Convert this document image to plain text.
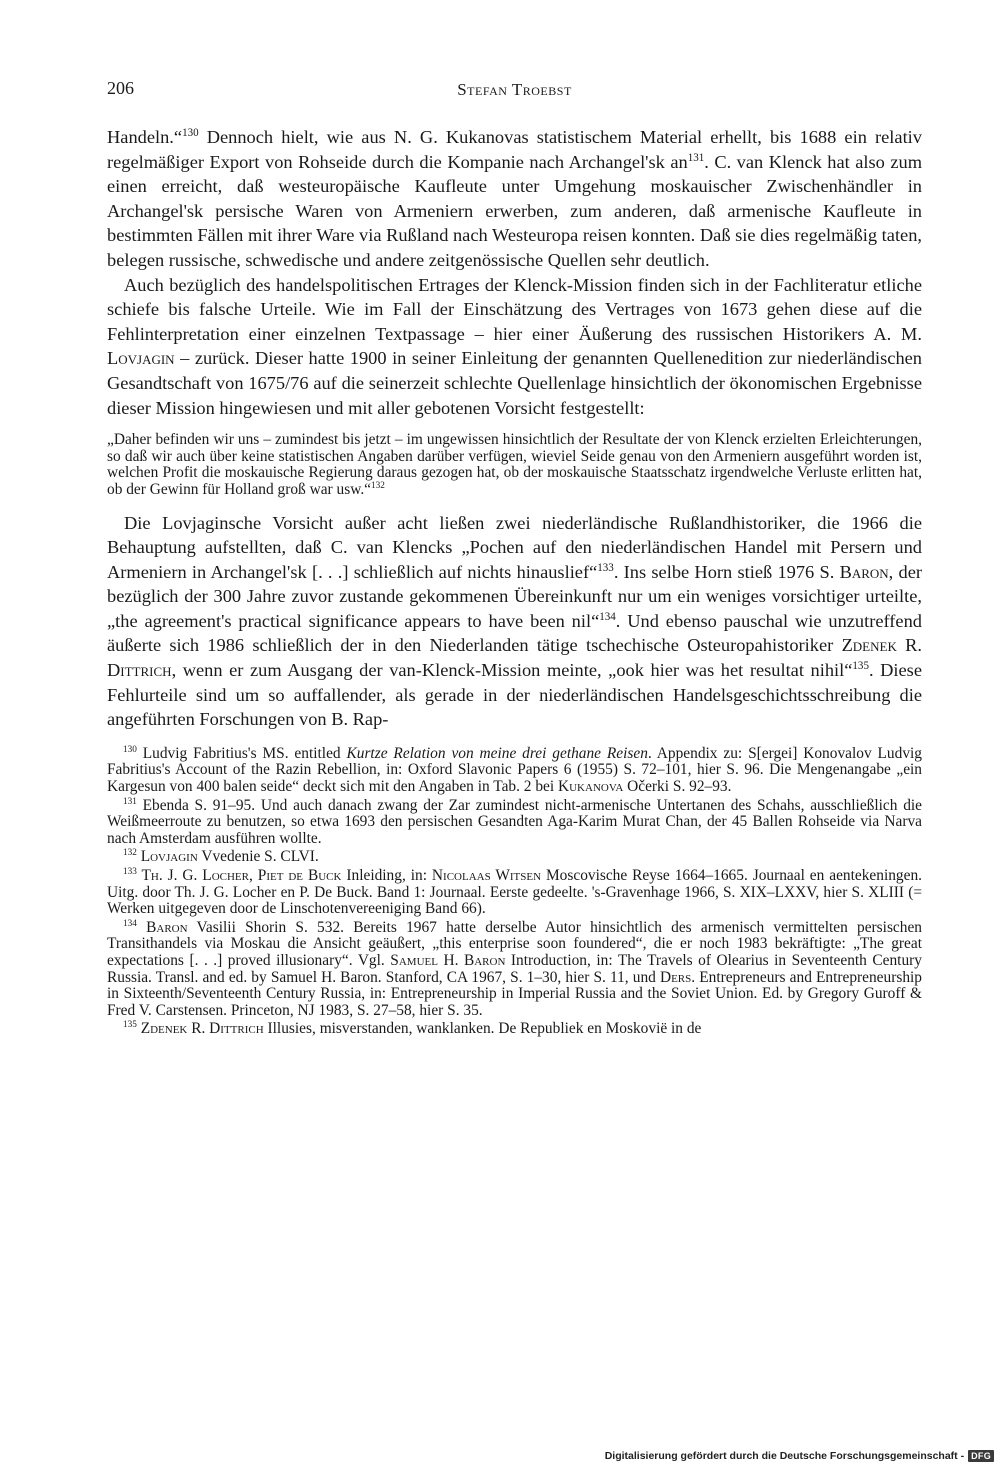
206	Stefan Troebst

Handeln.“$^{130}$ Dennoch hielt, wie aus N. G. Kukanovas statistischem Material erhellt, bis 1688 ein relativ regelmäßiger Export von Rohseide durch die Kompanie nach Archangel'sk an$^{131}$. C. van Klenck hat also zum einen erreicht, daß westeuropäische Kaufleute unter Umgehung moskauischer Zwischenhändler in Archangel'sk persische Waren von Armeniern erwerben, zum anderen, daß armenische Kaufleute in bestimmten Fällen mit ihrer Ware via Rußland nach Westeuropa reisen konnten. Daß sie dies regelmäßig taten, belegen russische, schwedische und andere zeitgenössische Quellen sehr deutlich.

Auch bezüglich des handelspolitischen Ertrages der Klenck-Mission finden sich in der Fachliteratur etliche schiefe bis falsche Urteile. Wie im Fall der Einschätzung des Vertrages von 1673 gehen diese auf die Fehlinterpretation einer einzelnen Textpassage – hier einer Äußerung des russischen Historikers A. M. Lovjagin – zurück. Dieser hatte 1900 in seiner Einleitung der genannten Quellenedition zur niederländischen Gesandtschaft von 1675/76 auf die seinerzeit schlechte Quellenlage hinsichtlich der ökonomischen Ergebnisse dieser Mission hingewiesen und mit aller gebotenen Vorsicht festgestellt:

„Daher befinden wir uns – zumindest bis jetzt – im ungewissen hinsichtlich der Resultate der von Klenck erzielten Erleichterungen, so daß wir auch über keine statistischen Angaben darüber verfügen, wieviel Seide genau von den Armeniern ausgeführt worden ist, welchen Profit die moskauische Regierung daraus gezogen hat, ob der moskauische Staatsschatz irgendwelche Verluste erlitten hat, ob der Gewinn für Holland groß war usw.“$^{132}$

Die Lovjaginsche Vorsicht außer acht ließen zwei niederländische Rußlandhistoriker, die 1966 die Behauptung aufstellten, daß C. van Klencks „Pochen auf den niederländischen Handel mit Persern und Armeniern in Archangel'sk [. . .] schließlich auf nichts hinauslief“$^{133}$. Ins selbe Horn stieß 1976 S. Baron, der bezüglich der 300 Jahre zuvor zustande gekommenen Übereinkunft nur um ein weniges vorsichtiger urteilte, „the agreement's practical significance appears to have been nil“$^{134}$. Und ebenso pauschal wie unzutreffend äußerte sich 1986 schließlich der in den Niederlanden tätige tschechische Osteuropahistoriker Zdenek R. Dittrich, wenn er zum Ausgang der van-Klenck-Mission meinte, „ook hier was het resultat nihil“$^{135}$. Diese Fehlurteile sind um so auffallender, als gerade in der niederländischen Handelsgeschichtsschreibung die angeführten Forschungen von B. Rap-

$^{130}$ Ludvig Fabritius's MS. entitled Kurtze Relation von meine drei gethane Reisen. Appendix zu: S[ergei] Konovalov Ludvig Fabritius's Account of the Razin Rebellion, in: Oxford Slavonic Papers 6 (1955) S. 72–101, hier S. 96. Die Mengenangabe „ein Kargesun von 400 balen seide“ deckt sich mit den Angaben in Tab. 2 bei Kukanova Očerki S. 92–93.

$^{131}$ Ebenda S. 91–95. Und auch danach zwang der Zar zumindest nicht-armenische Untertanen des Schahs, ausschließlich die Weißmeerroute zu benutzen, so etwa 1693 den persischen Gesandten Aga-Karim Murat Chan, der 45 Ballen Rohseide via Narva nach Amsterdam ausführen wollte.

$^{132}$ Lovjagin Vvedenie S. CLVI.

$^{133}$ Th. J. G. Locher, Piet de Buck Inleiding, in: Nicolaas Witsen Moscovische Reyse 1664–1665. Journaal en aentekeningen. Uitg. door Th. J. G. Locher en P. De Buck. Band 1: Journaal. Eerste gedeelte. 's-Gravenhage 1966, S. XIX–LXXV, hier S. XLIII (= Werken uitgegeven door de Linschotenvereeniging Band 66).

$^{134}$ Baron Vasilii Shorin S. 532. Bereits 1967 hatte derselbe Autor hinsichtlich des armenisch vermittelten persischen Transithandels via Moskau die Ansicht geäußert, „this enterprise soon foundered“, die er noch 1983 bekräftigte: „The great expectations [. . .] proved illusionary“. Vgl. Samuel H. Baron Introduction, in: The Travels of Olearius in Seventeenth Century Russia. Transl. and ed. by Samuel H. Baron. Stanford, CA 1967, S. 1–30, hier S. 11, und Ders. Entrepreneurs and Entrepreneurship in Sixteenth/Seventeenth Century Russia, in: Entrepreneurship in Imperial Russia and the Soviet Union. Ed. by Gregory Guroff & Fred V. Carstensen. Princeton, NJ 1983, S. 27–58, hier S. 35.

$^{135}$ Zdenek R. Dittrich Illusies, misverstanden, wanklanken. De Republiek en Moskovië in de

Digitalisierung gefördert durch die Deutsche Forschungsgemeinschaft - DFG
